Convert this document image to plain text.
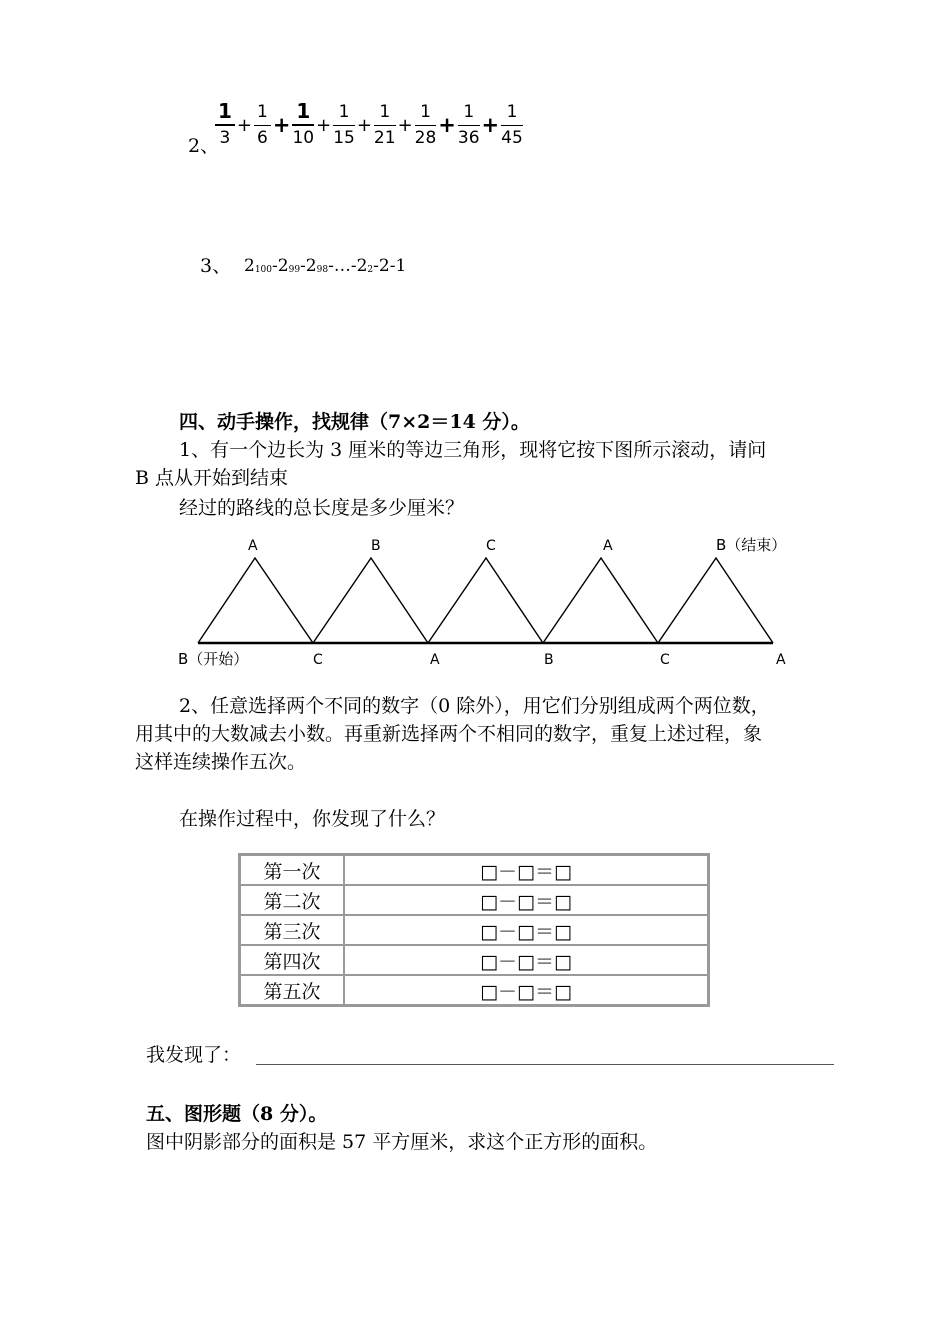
2、
$\frac{1}{3} + \frac{1}{6} + \frac{1}{10} + \frac{1}{15} + \frac{1}{21} + \frac{1}{28} + \frac{1}{36} + \frac{1}{45}$
3、 $2_{100}-2_{99}-2_{98}-\dots-2_2-2-1$
四、动手操作，找规律（7×2＝14 分）。
1、有一个边长为 3 厘米的等边三角形，现将它按下图所示滚动，请问
B 点从开始到结束
经过的路线的总长度是多少厘米？
A	B	C	A	B（结束）
B（开始）	C	A	B	C	A
2、任意选择两个不同的数字（0 除外），用它们分别组成两个两位数，
用其中的大数减去小数。再重新选择两个不相同的数字，重复上述过程，象
这样连续操作五次。
在操作过程中，你发现了什么？
第一次	□－□＝□
第二次	□－□＝□
第三次	□－□＝□
第四次	□－□＝□
第五次	□－□＝□
我发现了：
五、图形题（8 分）。
图中阴影部分的面积是 57 平方厘米，求这个正方形的面积。
